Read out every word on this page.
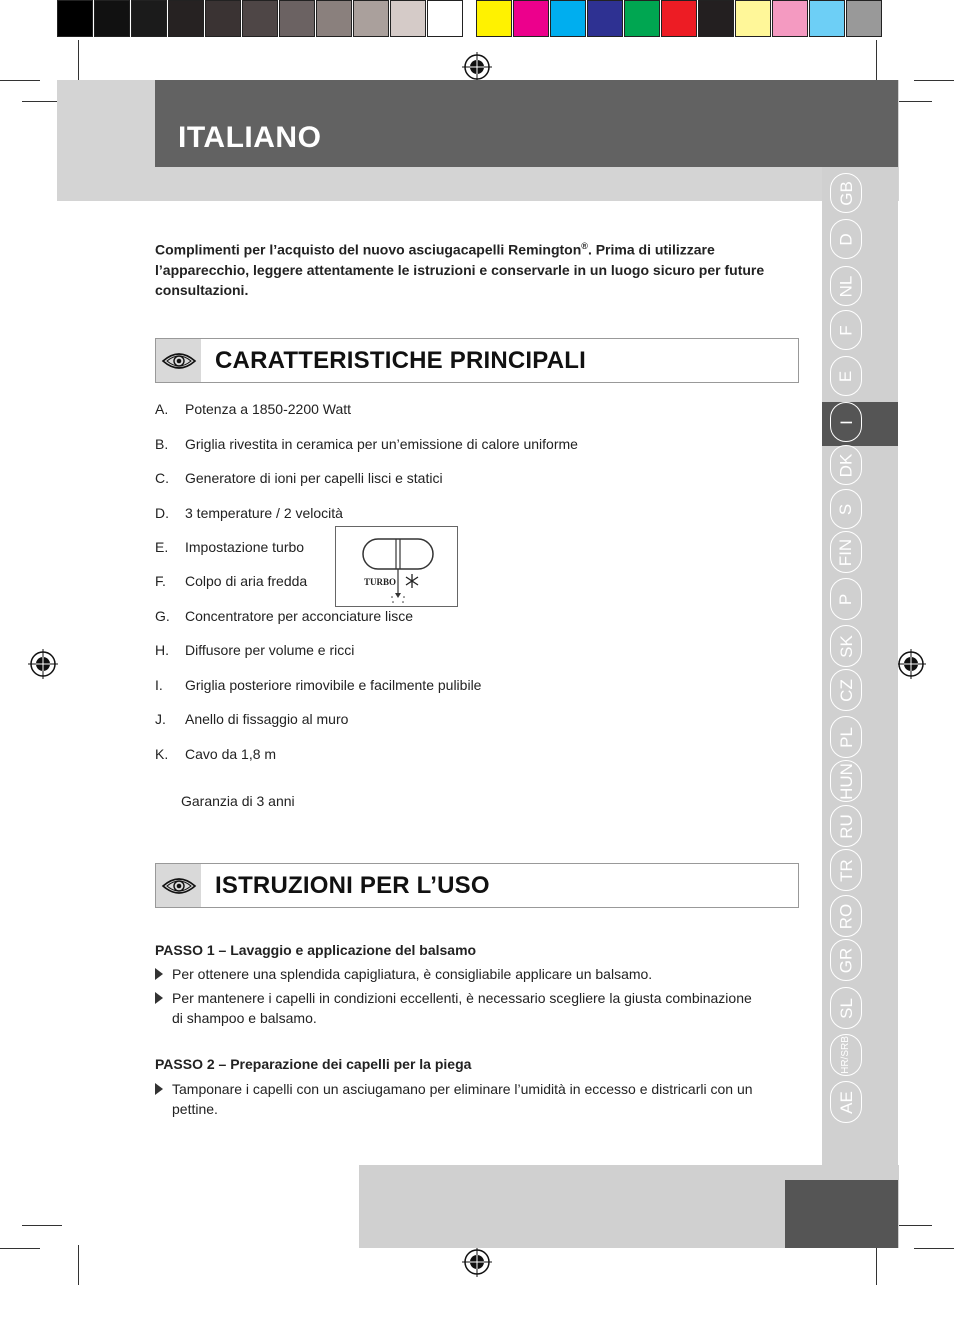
ITALIANO
GB
D
NL
F
E
I
DK
S
FIN
P
SK
CZ
PL
HUN
RU
TR
RO
GR
SL
HR/SRB
AE
Complimenti per l’acquisto del nuovo asciugacapelli Remington®. Prima di utilizzare l’apparecchio, leggere attentamente le istruzioni e conservarle in un luogo sicuro per future consultazioni.
CARATTERISTICHE PRINCIPALI
A. Potenza a 1850-2200 Watt
B. Griglia rivestita in ceramica per un’emissione di calore uniforme
C. Generatore di ioni per capelli lisci e statici
D. 3 temperature / 2 velocità
E. Impostazione turbo
F. Colpo di aria fredda
G. Concentratore per acconciature lisce
H. Diffusore per volume e ricci
I. Griglia posteriore rimovibile e facilmente pulibile
J. Anello di fissaggio al muro
K. Cavo da 1,8 m
TURBO
Garanzia di 3 anni
ISTRUZIONI PER L’USO
PASSO 1 – Lavaggio e applicazione del balsamo
Per ottenere una splendida capigliatura, è consigliabile applicare un balsamo.
Per mantenere i capelli in condizioni eccellenti, è necessario scegliere la giusta combinazione di shampoo e balsamo.
PASSO 2 – Preparazione dei capelli per la piega
Tamponare i capelli con un asciugamano per eliminare l’umidità in eccesso e districarli con un pettine.
